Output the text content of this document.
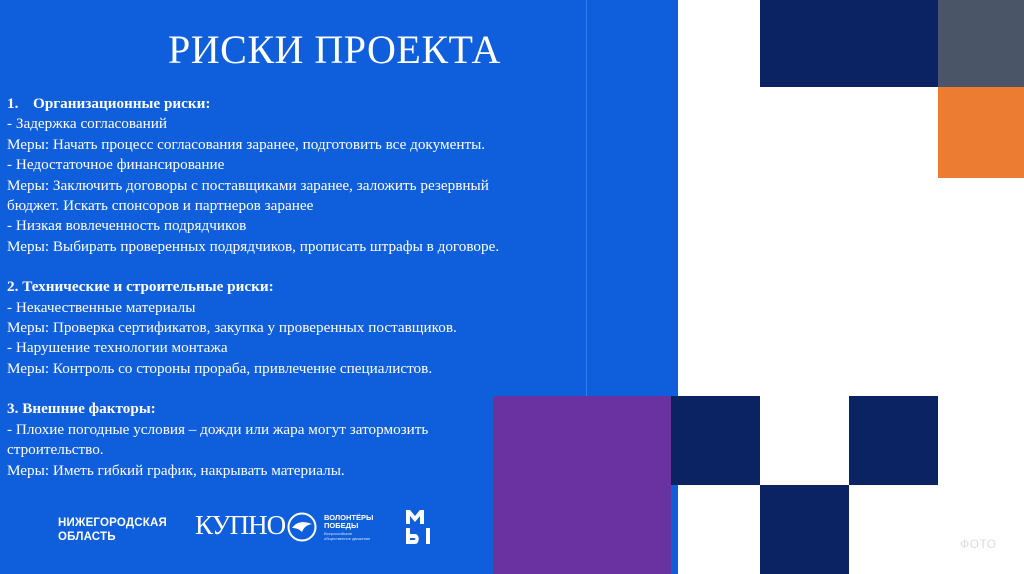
РИСКИ ПРОЕКТА
1. Организационные риски:
- Задержка согласований
Меры: Начать процесс согласования заранее, подготовить все документы.
- Недостаточное финансирование
Меры: Заключить договоры с поставщиками заранее, заложить резервный
бюджет. Искать спонсоров и партнеров заранее
- Низкая вовлеченность подрядчиков
Меры: Выбирать проверенных подрядчиков, прописать штрафы в договоре.
2. Технические и строительные риски:
- Некачественные материалы
Меры: Проверка сертификатов, закупка у проверенных поставщиков.
- Нарушение технологии монтажа
Меры: Контроль со стороны прораба, привлечение специалистов.
3. Внешние факторы:
- Плохие погодные условия – дожди или жара могут затормозить
строительство.
Меры: Иметь гибкий график, накрывать материалы.
НИЖЕГОРОДСКАЯ
ОБЛАСТЬ	КУПНО	ВОЛОНТЁРЫ
ПОБЕДЫ
Всероссийское
общественное движение	ФОТО
